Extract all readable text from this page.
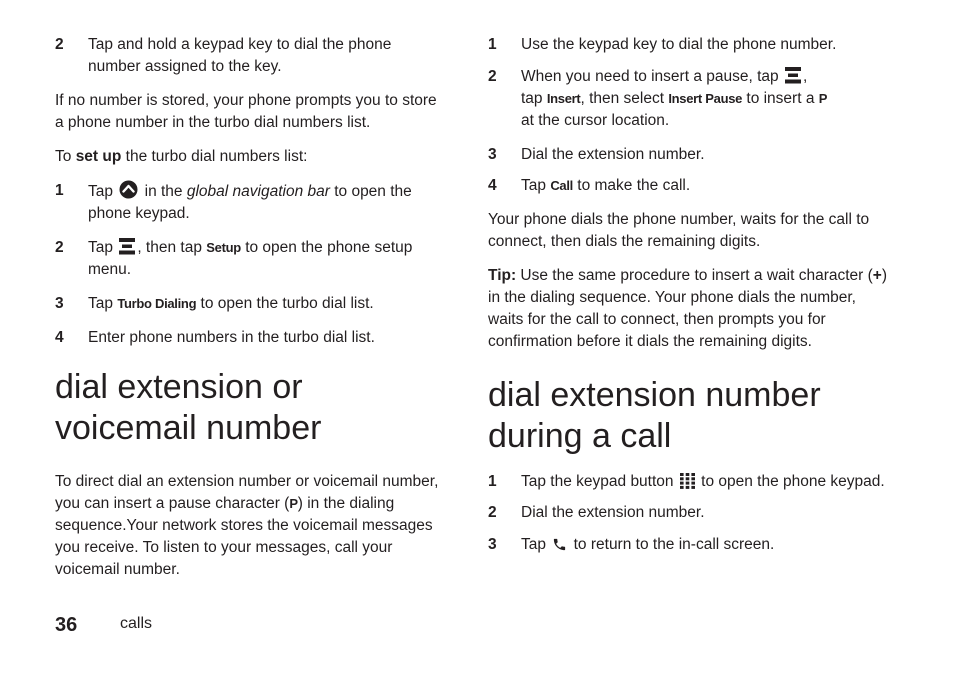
2 Tap and hold a keypad key to dial the phone number assigned to the key.

If no number is stored, your phone prompts you to store a phone number in the turbo dial numbers list.

To set up the turbo dial numbers list:

1 Tap  in the global navigation bar to open the phone keypad.
2 Tap , then tap Setup to open the phone setup menu.
3 Tap Turbo Dialing to open the turbo dial list.
4 Enter phone numbers in the turbo dial list.
dial extension or voicemail number

To direct dial an extension number or voicemail number, you can insert a pause character (P) in the dialing sequence.Your network stores the voicemail messages you receive. To listen to your messages, call your voicemail number.

1 Use the keypad key to dial the phone number.
2 When you need to insert a pause, tap ,
tap Insert, then select Insert Pause to insert a P
at the cursor location.
3 Dial the extension number.
4 Tap Call to make the call.

Your phone dials the phone number, waits for the call to connect, then dials the remaining digits.

Tip: Use the same procedure to insert a wait character (+) in the dialing sequence. Your phone dials the number, waits for the call to connect, then prompts you for confirmation before it dials the remaining digits.

dial extension number during a call
1 Tap the keypad button  to open the phone keypad.
2 Dial the extension number.
3 Tap  to return to the in-call screen.
36	calls
